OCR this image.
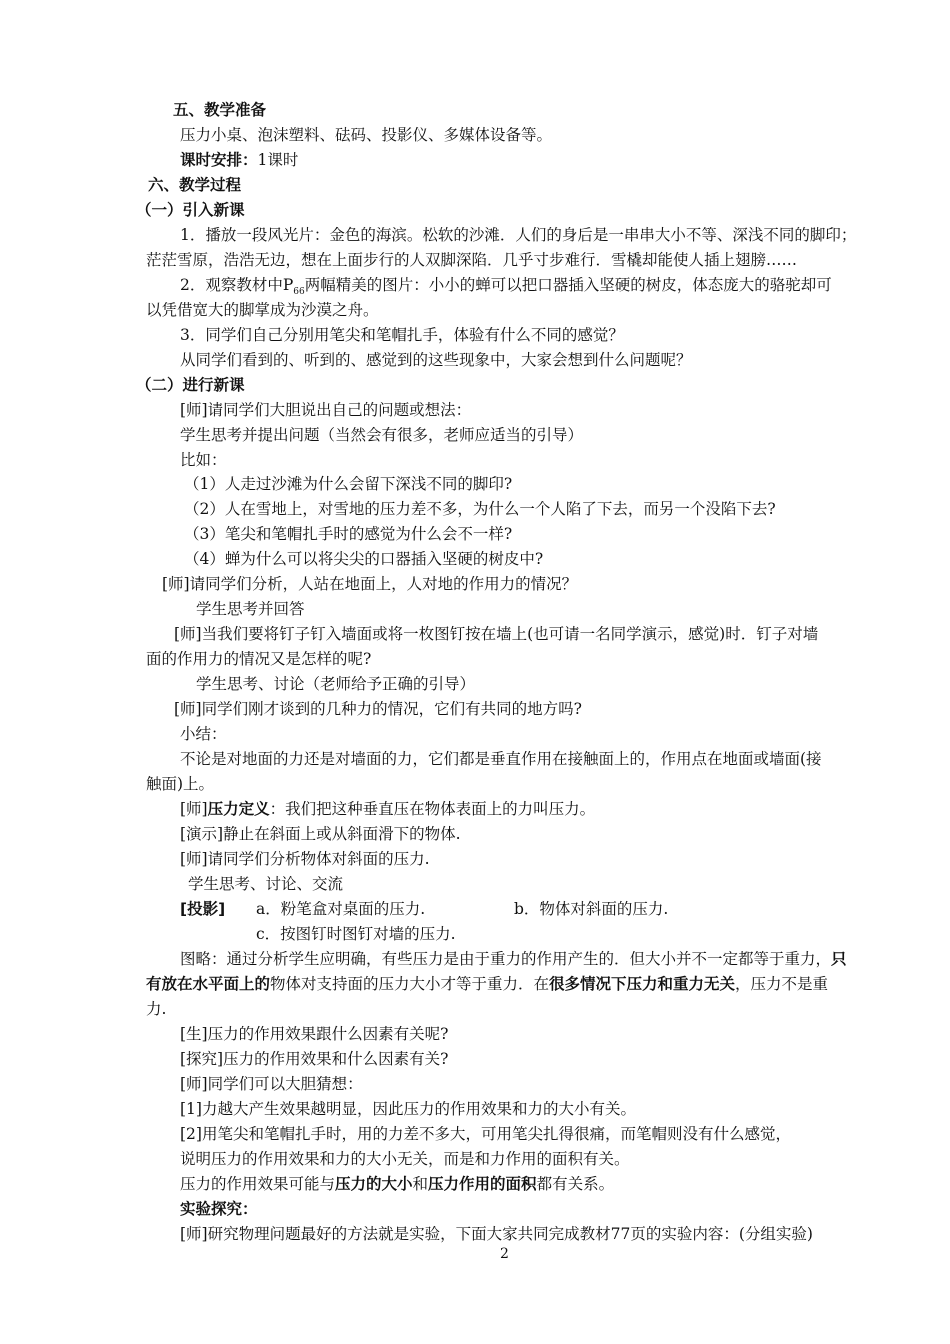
五、教学准备
压力小桌、泡沫塑料、砝码、投影仪、多媒体设备等。
课时安排：1课时
六、教学过程
（一）引入新课
1．播放一段风光片：金色的海滨。松软的沙滩．人们的身后是一串串大小不等、深浅不同的脚印；
茫茫雪原，浩浩无边，想在上面步行的人双脚深陷．几乎寸步难行．雪橇却能使人插上翅膀……
2．观察教材中$P_{66}$两幅精美的图片：小小的蝉可以把口器插入坚硬的树皮，体态庞大的骆驼却可
以凭借宽大的脚掌成为沙漠之舟。
3．同学们自己分别用笔尖和笔帽扎手，体验有什么不同的感觉？
从同学们看到的、听到的、感觉到的这些现象中，大家会想到什么问题呢？
（二）进行新课
[师]请同学们大胆说出自己的问题或想法：
学生思考并提出问题（当然会有很多，老师应适当的引导）
比如：
（1）人走过沙滩为什么会留下深浅不同的脚印?
（2）人在雪地上，对雪地的压力差不多，为什么一个人陷了下去，而另一个没陷下去?
（3）笔尖和笔帽扎手时的感觉为什么会不一样?
（4）蝉为什么可以将尖尖的口器插入坚硬的树皮中?
[师]请同学们分析，人站在地面上，人对地的作用力的情况？
学生思考并回答
[师]当我们要将钉子钉入墙面或将一枚图钉按在墙上(也可请一名同学演示，感觉)时．钉子对墙
面的作用力的情况又是怎样的呢?
学生思考、讨论（老师给予正确的引导）
[师]同学们刚才谈到的几种力的情况，它们有共同的地方吗?
小结：
不论是对地面的力还是对墙面的力，它们都是垂直作用在接触面上的，作用点在地面或墙面(接
触面)上。
[师]压力定义：我们把这种垂直压在物体表面上的力叫压力。
[演示]静止在斜面上或从斜面滑下的物体.
[师]请同学们分析物体对斜面的压力.
学生思考、讨论、交流
[投影] a．粉笔盒对桌面的压力.	b．物体对斜面的压力.
c．按图钉时图钉对墙的压力.
图略：通过分析学生应明确，有些压力是由于重力的作用产生的．但大小并不一定都等于重力，只
有放在水平面上的物体对支持面的压力大小才等于重力．在很多情况下压力和重力无关，压力不是重
力.
[生]压力的作用效果跟什么因素有关呢?
[探究]压力的作用效果和什么因素有关?
[师]同学们可以大胆猜想：
[1]力越大产生效果越明显，因此压力的作用效果和力的大小有关。
[2]用笔尖和笔帽扎手时，用的力差不多大，可用笔尖扎得很痛，而笔帽则没有什么感觉，
说明压力的作用效果和力的大小无关，而是和力作用的面积有关。
压力的作用效果可能与压力的大小和压力作用的面积都有关系。
实验探究：
[师]研究物理问题最好的方法就是实验，下面大家共同完成教材77页的实验内容：(分组实验)
2
